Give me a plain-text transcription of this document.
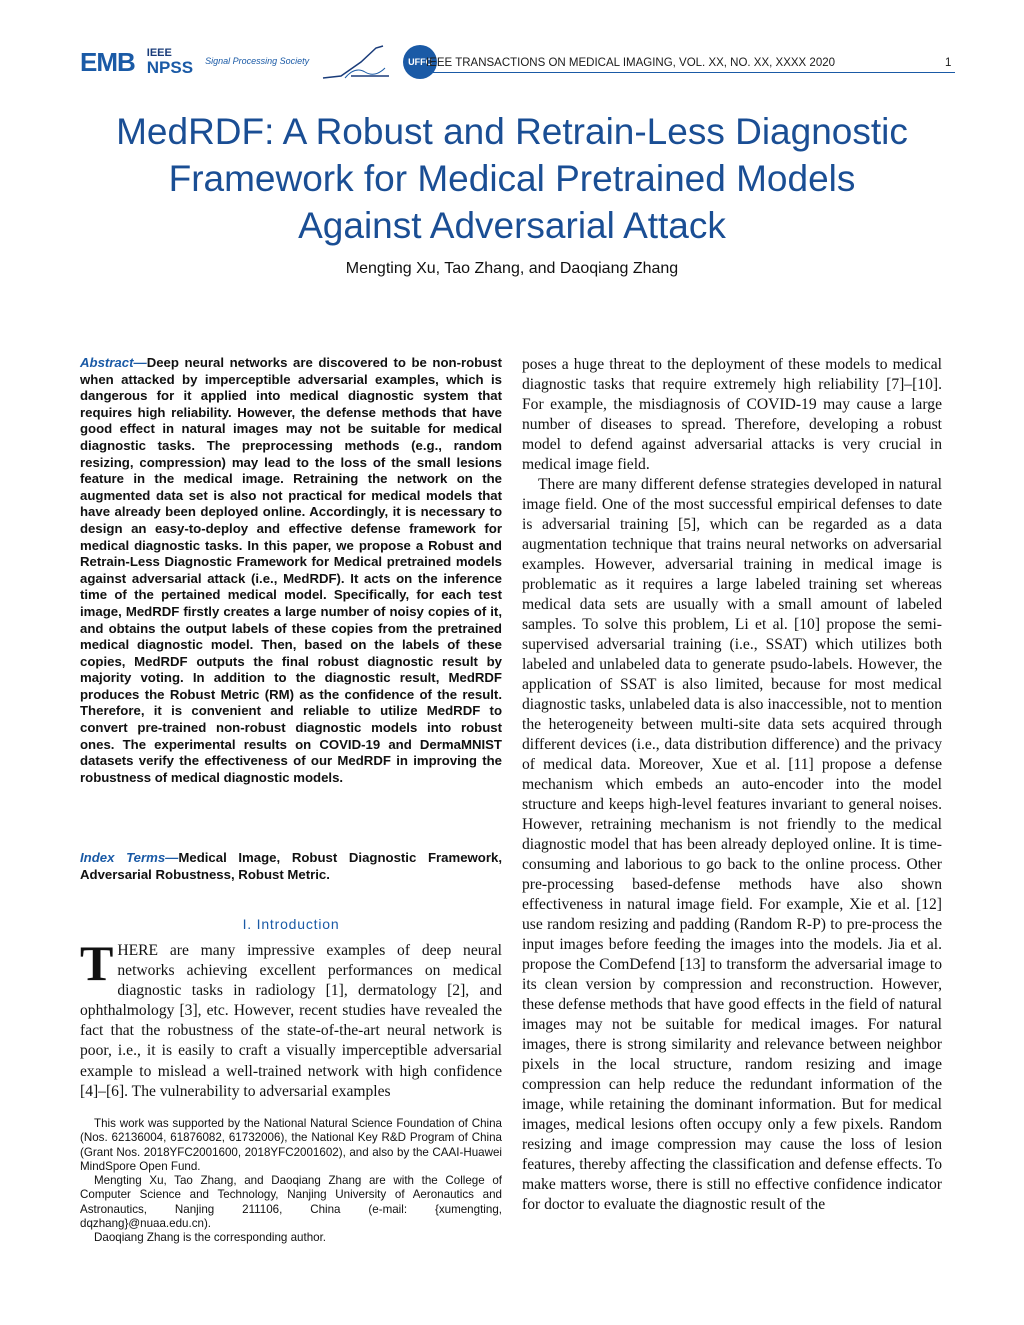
EMB IEEE
NPSS Signal Processing Society	UFFC
IEEE TRANSACTIONS ON MEDICAL IMAGING, VOL. XX, NO. XX, XXXX 2020	1
MedRDF: A Robust and Retrain-Less Diagnostic
Framework for Medical Pretrained Models
Against Adversarial Attack
Mengting Xu, Tao Zhang, and Daoqiang Zhang

Abstract—Deep neural networks are discovered to be non-robust when attacked by imperceptible adversarial examples, which is dangerous for it applied into medical diagnostic system that requires high reliability. However, the defense methods that have good effect in natural images may not be suitable for medical diagnostic tasks. The preprocessing methods (e.g., random resizing, compression) may lead to the loss of the small lesions feature in the medical image. Retraining the network on the augmented data set is also not practical for medical models that have already been deployed online. Accordingly, it is necessary to design an easy-to-deploy and effective defense framework for medical diagnostic tasks. In this paper, we propose a Robust and Retrain-Less Diagnostic Framework for Medical pretrained models against adversarial attack (i.e., MedRDF). It acts on the inference time of the pertained medical model. Specifically, for each test image, MedRDF firstly creates a large number of noisy copies of it, and obtains the output labels of these copies from the pretrained medical diagnostic model. Then, based on the labels of these copies, MedRDF outputs the final robust diagnostic result by majority voting. In addition to the diagnostic result, MedRDF produces the Robust Metric (RM) as the confidence of the result. Therefore, it is convenient and reliable to utilize MedRDF to convert pre-trained non-robust diagnostic models into robust ones. The experimental results on COVID-19 and DermaMNIST datasets verify the effectiveness of our MedRDF in improving the robustness of medical diagnostic models.

Index Terms—Medical Image, Robust Diagnostic Framework, Adversarial Robustness, Robust Metric.

I. Introduction

THERE are many impressive examples of deep neural networks achieving excellent performances on medical diagnostic tasks in radiology [1], dermatology [2], and ophthalmology [3], etc. However, recent studies have revealed the fact that the robustness of the state-of-the-art neural network is poor, i.e., it is easily to craft a visually imperceptible adversarial example to mislead a well-trained network with high confidence [4]–[6]. The vulnerability to adversarial examples

This work was supported by the National Natural Science Foundation of China (Nos. 62136004, 61876082, 61732006), the National Key R&D Program of China (Grant Nos. 2018YFC2001600, 2018YFC2001602), and also by the CAAI-Huawei MindSpore Open Fund.

Mengting Xu, Tao Zhang, and Daoqiang Zhang are with the College of Computer Science and Technology, Nanjing University of Aeronautics and Astronautics, Nanjing 211106, China (e-mail: {xumengting, dqzhang}@nuaa.edu.cn).

Daoqiang Zhang is the corresponding author.

poses a huge threat to the deployment of these models to medical diagnostic tasks that require extremely high reliability [7]–[10]. For example, the misdiagnosis of COVID-19 may cause a large number of diseases to spread. Therefore, developing a robust model to defend against adversarial attacks is very crucial in medical image field.

There are many different defense strategies developed in natural image field. One of the most successful empirical defenses to date is adversarial training [5], which can be regarded as a data augmentation technique that trains neural networks on adversarial examples. However, adversarial training in medical image is problematic as it requires a large labeled training set whereas medical data sets are usually with a small amount of labeled samples. To solve this problem, Li et al. [10] propose the semi-supervised adversarial training (i.e., SSAT) which utilizes both labeled and unlabeled data to generate psudo-labels. However, the application of SSAT is also limited, because for most medical diagnostic tasks, unlabeled data is also inaccessible, not to mention the heterogeneity between multi-site data sets acquired through different devices (i.e., data distribution difference) and the privacy of medical data. Moreover, Xue et al. [11] propose a defense mechanism which embeds an auto-encoder into the model structure and keeps high-level features invariant to general noises. However, retraining mechanism is not friendly to the medical diagnostic model that has been already deployed online. It is time-consuming and laborious to go back to the online process. Other pre-processing based-defense methods have also shown effectiveness in natural image field. For example, Xie et al. [12] use random resizing and padding (Random R-P) to pre-process the input images before feeding the images into the models. Jia et al. propose the ComDefend [13] to transform the adversarial image to its clean version by compression and reconstruction. However, these defense methods that have good effects in the field of natural images may not be suitable for medical images. For natural images, there is strong similarity and relevance between neighbor pixels in the local structure, random resizing and image compression can help reduce the redundant information of the image, while retaining the dominant information. But for medical images, medical lesions often occupy only a few pixels. Random resizing and image compression may cause the loss of lesion features, thereby affecting the classification and defense effects. To make matters worse, there is still no effective confidence indicator for doctor to evaluate the diagnostic result of the
